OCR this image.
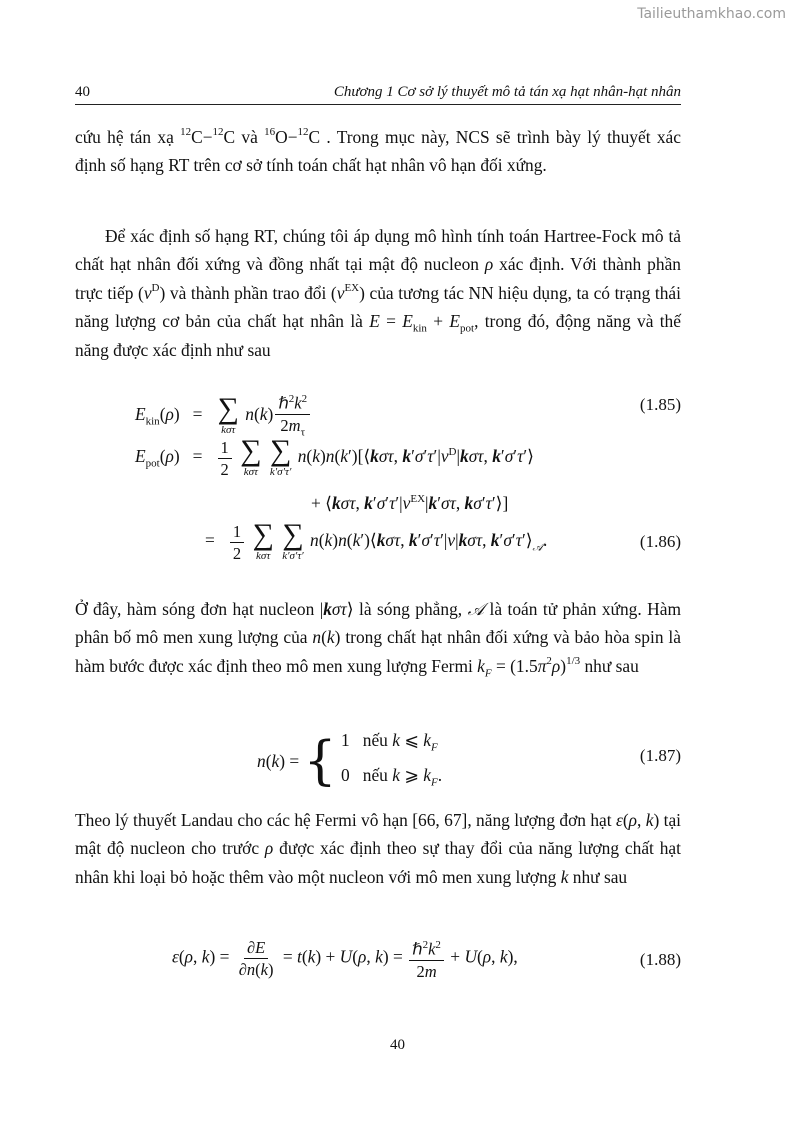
Tailieuthamkhao.com
40	Chương 1 Cơ sở lý thuyết mô tả tán xạ hạt nhân-hạt nhân

cứu hệ tán xạ $^{12}$C−$^{12}$C và $^{16}$O−$^{12}$C . Trong mục này, NCS sẽ trình bày lý thuyết xác định số hạng RT trên cơ sở tính toán chất hạt nhân vô hạn đối xứng.

Để xác định số hạng RT, chúng tôi áp dụng mô hình tính toán Hartree-Fock mô tả chất hạt nhân đối xứng và đồng nhất tại mật độ nucleon ρ xác định. Với thành phần trực tiếp $(v^D)$ và thành phần trao đổi $(v^{EX})$ của tương tác NN hiệu dụng, ta có trạng thái năng lượng cơ bản của chất hạt nhân là $E = E_{kin} + E_{pot}$, trong đó, động năng và thế năng được xác định như sau

$E_{kin}(\rho)$   = ∑
kστ
$n(k) \frac{\hbar^2k^2}{2m_\tau}$	(1.85)
$E_{pot}(\rho) = \frac{1}{2}$
∑
kστ

∑
k′σ′τ′
n(k)n(k′)[⟨kστ, $k'\sigma'\tau'|v^D|k\sigma\tau$, k′σ′τ′⟩
+ ⟨kστ, $k'\sigma'\tau'|v^{EX}|k'\sigma\tau$, kσ′τ′⟩]
= $\frac{1}{2}$
∑
kστ

∑
k′σ′τ′
n(k)n(k′)⟨kστ, k′σ′τ′|v|kστ, $k'\sigma'\tau'⟩_𝒜$.	(1.86)

Ở đây, hàm sóng đơn hạt nucleon |kστ⟩ là sóng phẳng, 𝒜 là toán tử phản xứng. Hàm phân bố mô men xung lượng của n(k) trong chất hạt nhân đối xứng và bảo hòa spin là hàm bước được xác định theo mô men xung lượng Fermi $k_F = (1.5\pi^2\rho)^{1/3}$ như sau

n(k) = { 1   nếu k ⩽ $k_F$
0   nếu k ⩾ $k_F$.
(1.87)

Theo lý thuyết Landau cho các hệ Fermi vô hạn [66, 67], năng lượng đơn hạt ε(ρ, k) tại mật độ nucleon cho trước ρ được xác định theo sự thay đổi của năng lượng chất hạt nhân khi loại bỏ hoặc thêm vào một nucleon với mô men xung lượng k như sau

ε(ρ, $k) = \frac{\partial E}{\partial n(k)} = t(k) + U(\rho$, $k) = \frac{\hbar^2k^2}{2m} + U(\rho$, k),	(1.88)
40
